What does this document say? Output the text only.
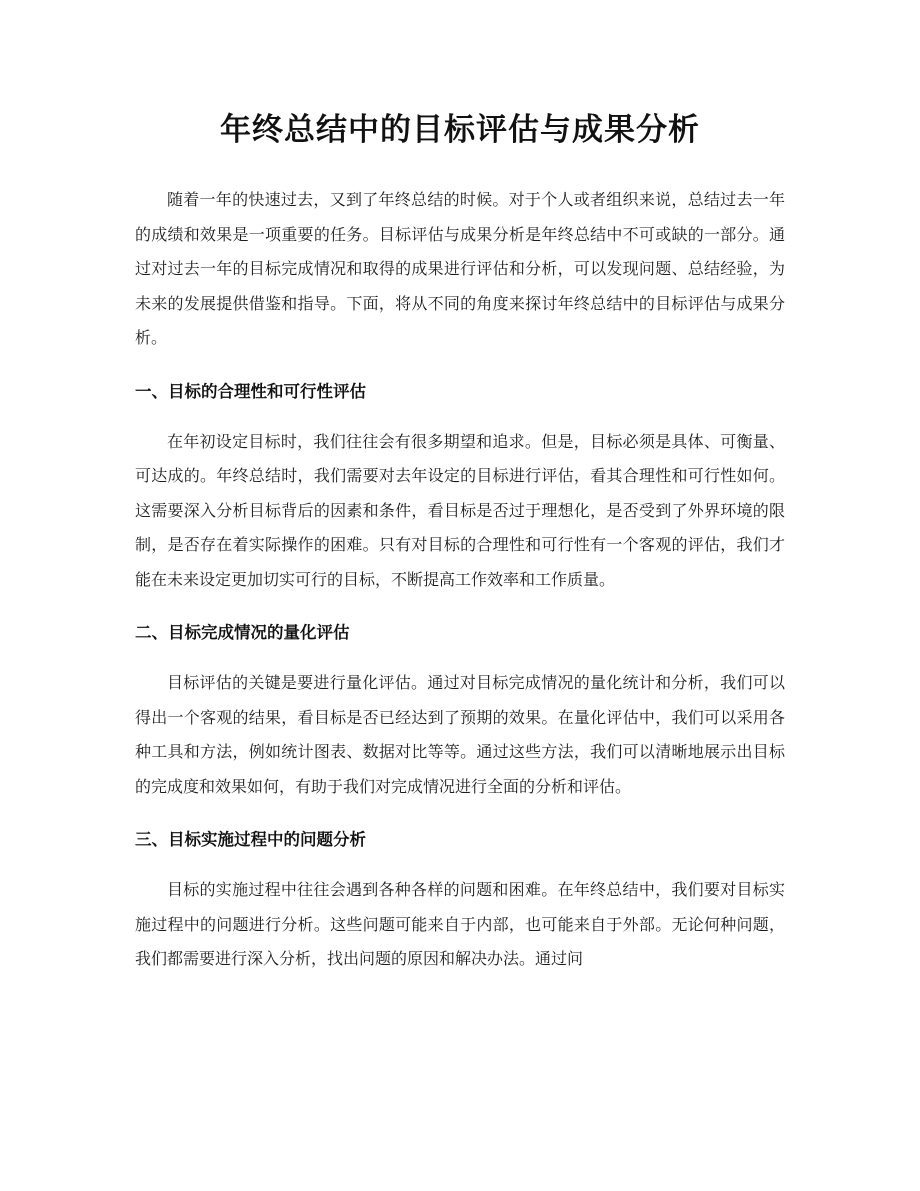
年终总结中的目标评估与成果分析

随着一年的快速过去，又到了年终总结的时候。对于个人或者组织来说，总结过去一年的成绩和效果是一项重要的任务。目标评估与成果分析是年终总结中不可或缺的一部分。通过对过去一年的目标完成情况和取得的成果进行评估和分析，可以发现问题、总结经验，为未来的发展提供借鉴和指导。下面，将从不同的角度来探讨年终总结中的目标评估与成果分析。

一、目标的合理性和可行性评估

在年初设定目标时，我们往往会有很多期望和追求。但是，目标必须是具体、可衡量、可达成的。年终总结时，我们需要对去年设定的目标进行评估，看其合理性和可行性如何。这需要深入分析目标背后的因素和条件，看目标是否过于理想化，是否受到了外界环境的限制，是否存在着实际操作的困难。只有对目标的合理性和可行性有一个客观的评估，我们才能在未来设定更加切实可行的目标，不断提高工作效率和工作质量。

二、目标完成情况的量化评估

目标评估的关键是要进行量化评估。通过对目标完成情况的量化统计和分析，我们可以得出一个客观的结果，看目标是否已经达到了预期的效果。在量化评估中，我们可以采用各种工具和方法，例如统计图表、数据对比等等。通过这些方法，我们可以清晰地展示出目标的完成度和效果如何，有助于我们对完成情况进行全面的分析和评估。

三、目标实施过程中的问题分析

目标的实施过程中往往会遇到各种各样的问题和困难。在年终总结中，我们要对目标实施过程中的问题进行分析。这些问题可能来自于内部，也可能来自于外部。无论何种问题，我们都需要进行深入分析，找出问题的原因和解决办法。通过问
